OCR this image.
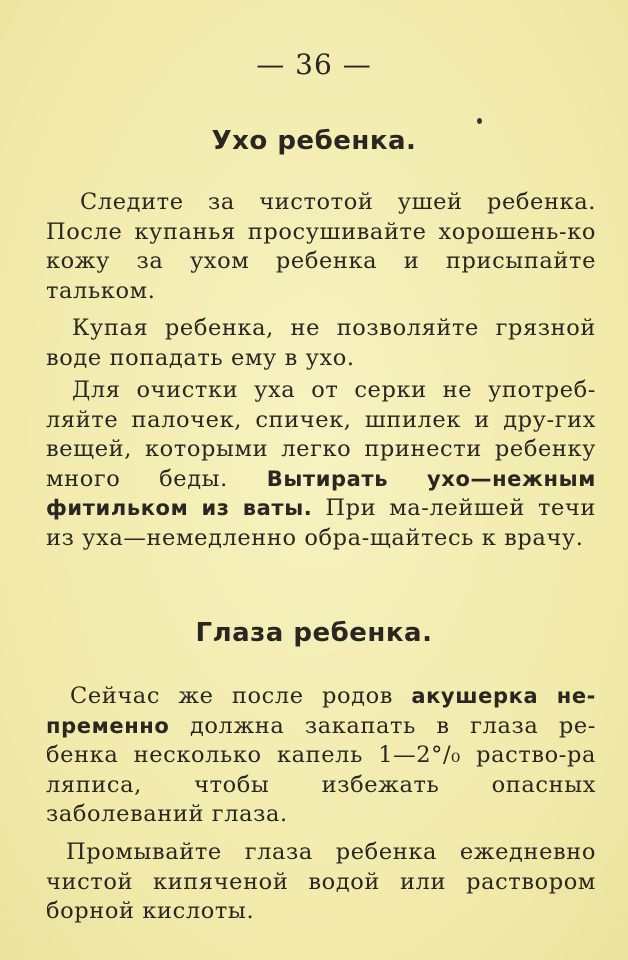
— 36 —
Ухо ребенка.

Следите за чистотой ушей ребенка. После купанья просушивайте хорошень-ко кожу за ухом ребенка и присыпайте тальком.

Купая ребенка, не позволяйте грязной воде попадать ему в ухо.

Для очистки уха от серки не употреб-ляйте палочек, спичек, шпилек и дру-гих вещей, которыми легко принести ребенку много беды. Вытирать ухо—нежным фитильком из ваты. При ма-лейшей течи из уха—немедленно обра-щайтесь к врачу.

Глаза ребенка.

Сейчас же после родов акушерка не-пременно должна закапать в глаза ре-бенка несколько капель 1—2°/₀ раство-ра ляписа, чтобы избежать опасных заболеваний глаза.

Промывайте глаза ребенка ежедневно чистой кипяченой водой или раствором борной кислоты.
